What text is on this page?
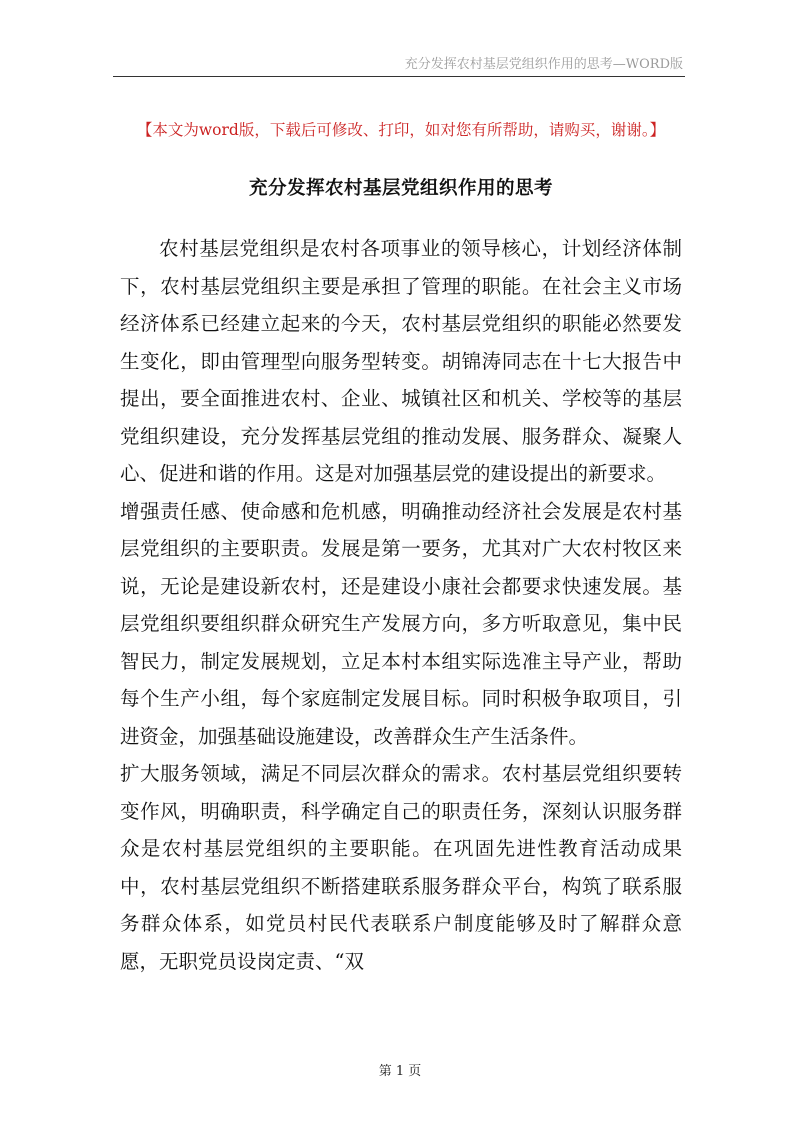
充分发挥农村基层党组织作用的思考—WORD版
【本文为word版，下载后可修改、打印，如对您有所帮助，请购买，谢谢。】
充分发挥农村基层党组织作用的思考

农村基层党组织是农村各项事业的领导核心，计划经济体制下，农村基层党组织主要是承担了管理的职能。在社会主义市场经济体系已经建立起来的今天，农村基层党组织的职能必然要发生变化，即由管理型向服务型转变。胡锦涛同志在十七大报告中提出，要全面推进农村、企业、城镇社区和机关、学校等的基层党组织建设，充分发挥基层党组的推动发展、服务群众、凝聚人心、促进和谐的作用。这是对加强基层党的建设提出的新要求。

增强责任感、使命感和危机感，明确推动经济社会发展是农村基层党组织的主要职责。发展是第一要务，尤其对广大农村牧区来说，无论是建设新农村，还是建设小康社会都要求快速发展。基层党组织要组织群众研究生产发展方向，多方听取意见，集中民智民力，制定发展规划，立足本村本组实际选准主导产业，帮助每个生产小组，每个家庭制定发展目标。同时积极争取项目，引进资金，加强基础设施建设，改善群众生产生活条件。

扩大服务领域，满足不同层次群众的需求。农村基层党组织要转变作风，明确职责，科学确定自己的职责任务，深刻认识服务群众是农村基层党组织的主要职能。在巩固先进性教育活动成果中，农村基层党组织不断搭建联系服务群众平台，构筑了联系服务群众体系，如党员村民代表联系户制度能够及时了解群众意愿，无职党员设岗定责、“双

第 1 页
